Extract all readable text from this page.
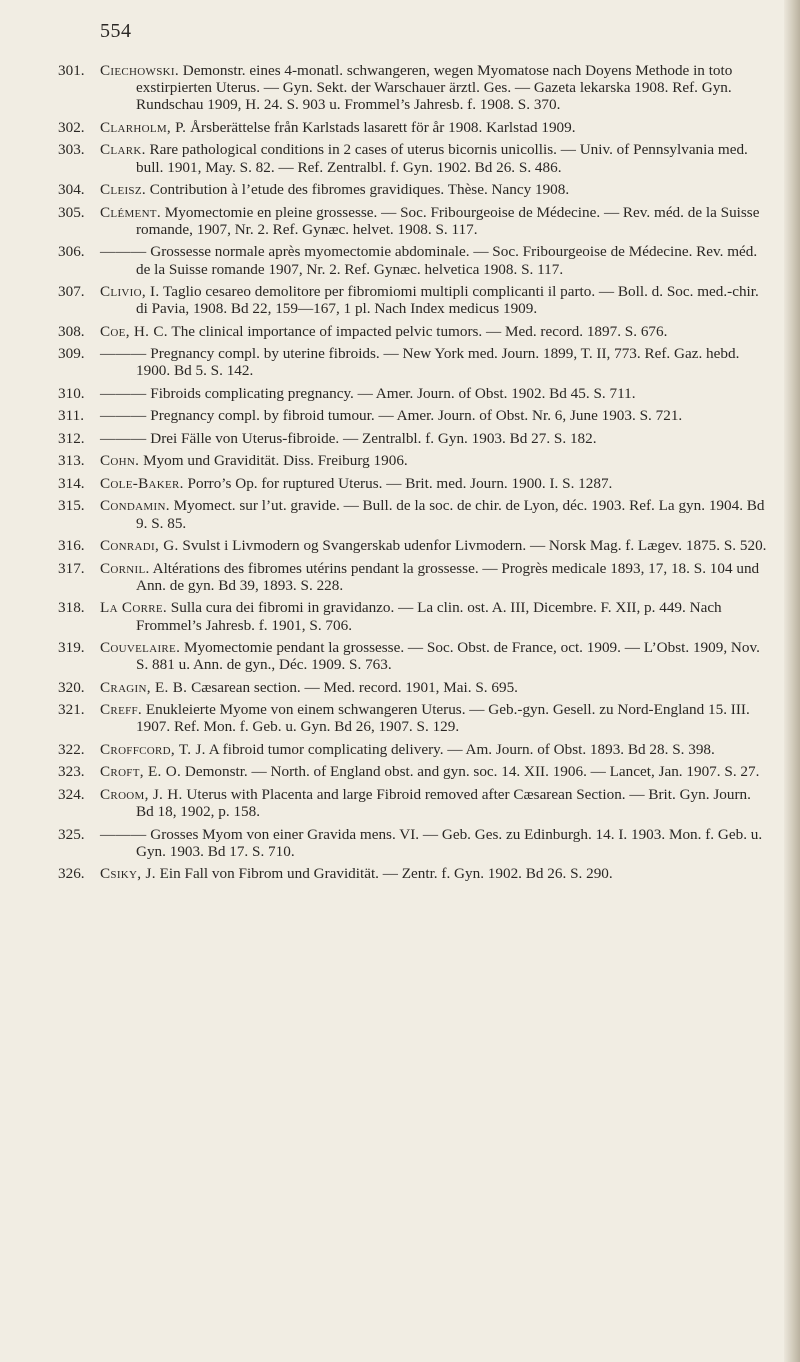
554
301.	Ciechowski. Demonstr. eines 4-monatl. schwangeren, wegen Myomatose nach Doyens Methode in toto exstirpierten Uterus. — Gyn. Sekt. der Warschauer ärztl. Ges. — Gazeta lekarska 1908. Ref. Gyn. Rundschau 1909, H. 24. S. 903 u. Frommel’s Jahresb. f. 1908. S. 370.
302.	Clarholm, P. Årsberättelse från Karlstads lasarett för år 1908. Karlstad 1909.
303.	Clark. Rare pathological conditions in 2 cases of uterus bicornis unicollis. — Univ. of Pennsylvania med. bull. 1901, May. S. 82. — Ref. Zentralbl. f. Gyn. 1902. Bd 26. S. 486.
304.	Cleisz. Contribution à l’etude des fibromes gravidiques. Thèse. Nancy 1908.
305.	Clément. Myomectomie en pleine grossesse. — Soc. Fribourgeoise de Médecine. — Rev. méd. de la Suisse romande, 1907, Nr. 2. Ref. Gynæc. helvet. 1908. S. 117.
306.	——— Grossesse normale après myomectomie abdominale. — Soc. Fribourgeoise de Médecine. Rev. méd. de la Suisse romande 1907, Nr. 2. Ref. Gynæc. helvetica 1908. S. 117.
307.	Clivio, I. Taglio cesareo demolitore per fibromiomi multipli complicanti il parto. — Boll. d. Soc. med.-chir. di Pavia, 1908. Bd 22, 159—167, 1 pl. Nach Index medicus 1909.
308.	Coe, H. C. The clinical importance of impacted pelvic tumors. — Med. record. 1897. S. 676.
309.	——— Pregnancy compl. by uterine fibroids. — New York med. Journ. 1899, T. II, 773. Ref. Gaz. hebd. 1900. Bd 5. S. 142.
310.	——— Fibroids complicating pregnancy. — Amer. Journ. of Obst. 1902. Bd 45. S. 711.
311.	——— Pregnancy compl. by fibroid tumour. — Amer. Journ. of Obst. Nr. 6, June 1903. S. 721.
312.	——— Drei Fälle von Uterus-fibroide. — Zentralbl. f. Gyn. 1903. Bd 27. S. 182.
313.	Cohn. Myom und Gravidität. Diss. Freiburg 1906.
314.	Cole-Baker. Porro’s Op. for ruptured Uterus. — Brit. med. Journ. 1900. I. S. 1287.
315.	Condamin. Myomect. sur l’ut. gravide. — Bull. de la soc. de chir. de Lyon, déc. 1903. Ref. La gyn. 1904. Bd 9. S. 85.
316.	Conradi, G. Svulst i Livmodern og Svangerskab udenfor Livmodern. — Norsk Mag. f. Lægev. 1875. S. 520.
317.	Cornil. Altérations des fibromes utérins pendant la grossesse. — Progrès medicale 1893, 17, 18. S. 104 und Ann. de gyn. Bd 39, 1893. S. 228.
318.	La Corre. Sulla cura dei fibromi in gravidanzo. — La clin. ost. A. III, Dicembre. F. XII, p. 449. Nach Frommel’s Jahresb. f. 1901, S. 706.
319.	Couvelaire. Myomectomie pendant la grossesse. — Soc. Obst. de France, oct. 1909. — L’Obst. 1909, Nov. S. 881 u. Ann. de gyn., Déc. 1909. S. 763.
320.	Cragin, E. B. Cæsarean section. — Med. record. 1901, Mai. S. 695.
321.	Creff. Enukleierte Myome von einem schwangeren Uterus. — Geb.-gyn. Gesell. zu Nord-England 15. III. 1907. Ref. Mon. f. Geb. u. Gyn. Bd 26, 1907. S. 129.
322.	Croffсord, T. J. A fibroid tumor complicating delivery. — Am. Journ. of Obst. 1893. Bd 28. S. 398.
323.	Croft, E. O. Demonstr. — North. of England obst. and gyn. soc. 14. XII. 1906. — Lancet, Jan. 1907. S. 27.
324.	Croom, J. H. Uterus with Placenta and large Fibroid removed after Cæsarean Section. — Brit. Gyn. Journ. Bd 18, 1902, p. 158.
325.	——— Grosses Myom von einer Gravida mens. VI. — Geb. Ges. zu Edinburgh. 14. I. 1903. Mon. f. Geb. u. Gyn. 1903. Bd 17. S. 710.
326.	Csiky, J. Ein Fall von Fibrom und Gravidität. — Zentr. f. Gyn. 1902. Bd 26. S. 290.
